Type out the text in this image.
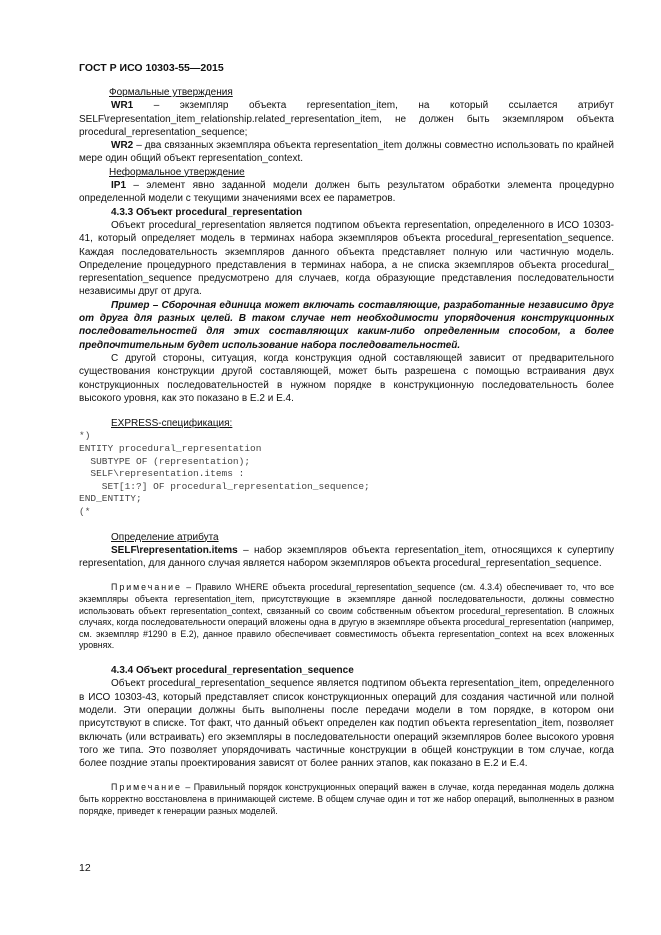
ГОСТ Р ИСО 10303-55—2015

Формальные утверждения

WR1 – экземпляр объекта representation_item, на который ссылается атрибут SELF\representation_item_relationship.related_representation_item, не должен быть экземпляром объекта procedural_representation_sequence;

WR2 – два связанных экземпляра объекта representation_item должны совместно использовать по крайней мере один общий объект representation_context.

Неформальное утверждение

IP1 – элемент явно заданной модели должен быть результатом обработки элемента процедурно определенной модели с текущими значениями всех ее параметров.

4.3.3 Объект procedural_representation

Объект procedural_representation является подтипом объекта representation, определенного в ИСО 10303-41, который определяет модель в терминах набора экземпляров объекта procedural_representation_sequence. Каждая последовательность экземпляров данного объекта представляет полную или частичную модель. Определение процедурного представления в терминах набора, а не списка экземпляров объекта procedural_ representation_sequence предусмотрено для случаев, когда образующие представления последовательности независимы друг от друга.

Пример – Сборочная единица может включать составляющие, разработанные независимо друг от друга для разных целей. В таком случае нет необходимости упорядочения конструкционных последовательностей для этих составляющих каким-либо определенным способом, а более предпочтительным будет использование набора последовательностей.

С другой стороны, ситуация, когда конструкция одной составляющей зависит от предварительного существования конструкции другой составляющей, может быть разрешена с помощью встраивания двух конструкционных последовательностей в нужном порядке в конструкционную последовательность более высокого уровня, как это показано в Е.2 и Е.4.

EXPRESS-спецификация:

*)
ENTITY procedural_representation
SUBTYPE OF (representation);
SELF\representation.items :
SET[1:?] OF procedural_representation_sequence;
END_ENTITY;
(*

Определение атрибута

SELF\representation.items – набор экземпляров объекта representation_item, относящихся к супертипу representation, для данного случая является набором экземпляров объекта procedural_representation_sequence.

Примечание – Правило WHERE объекта procedural_representation_sequence (см. 4.3.4) обеспечивает то, что все экземпляры объекта representation_item, присутствующие в экземпляре данной последовательности, должны совместно использовать объект representation_context, связанный со своим собственным объектом procedural_representation. В сложных случаях, когда последовательности операций вложены одна в другую в экземпляре объекта procedural_representation (например, см. экземпляр #1290 в Е.2), данное правило обеспечивает совместимость объекта representation_context на всех вложенных уровнях.

4.3.4 Объект procedural_representation_sequence

Объект procedural_representation_sequence является подтипом объекта representation_item, определенного в ИСО 10303-43, который представляет список конструкционных операций для создания частичной или полной модели. Эти операции должны быть выполнены после передачи модели в том порядке, в котором они присутствуют в списке. Тот факт, что данный объект определен как подтип объекта representation_item, позволяет включать (или встраивать) его экземпляры в последовательности операций экземпляров более высокого уровня того же типа. Это позволяет упорядочивать частичные конструкции в общей конструкции в том случае, когда более поздние этапы проектирования зависят от более ранних этапов, как показано в Е.2 и Е.4.

Примечание – Правильный порядок конструкционных операций важен в случае, когда переданная модель должна быть корректно восстановлена в принимающей системе. В общем случае один и тот же набор операций, выполненных в разном порядке, приведет к генерации разных моделей.

12
